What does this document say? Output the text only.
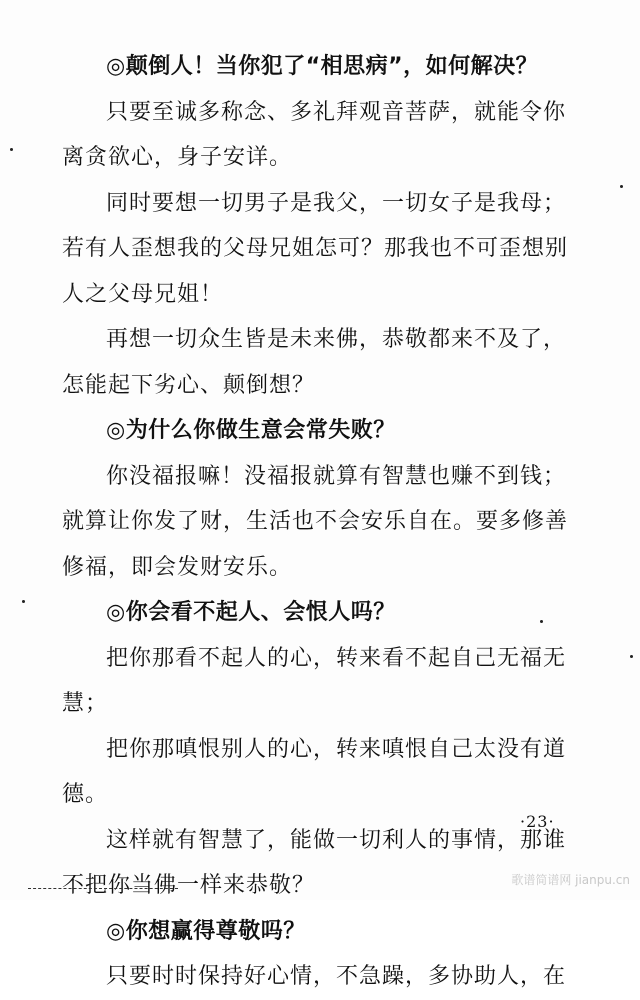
◎颠倒人！当你犯了“相思病”，如何解决？
只要至诚多称念、多礼拜观音菩萨，就能令你
离贪欲心，身子安详。
同时要想一切男子是我父，一切女子是我母；
若有人歪想我的父母兄姐怎可？那我也不可歪想别
人之父母兄姐！
再想一切众生皆是未来佛，恭敬都来不及了，
怎能起下劣心、颠倒想？
◎为什么你做生意会常失败？
你没福报嘛！没福报就算有智慧也赚不到钱；
就算让你发了财，生活也不会安乐自在。要多修善
修福，即会发财安乐。
◎你会看不起人、会恨人吗？
把你那看不起人的心，转来看不起自己无福无
慧；
把你那嗔恨别人的心，转来嗔恨自己太没有道
德。
这样就有智慧了，能做一切利人的事情，那谁
不把你当佛一样来恭敬？
◎你想赢得尊敬吗？
只要时时保持好心情，不急躁，多协助人，在
·23·
歌谱简谱网 jianpu.cn
